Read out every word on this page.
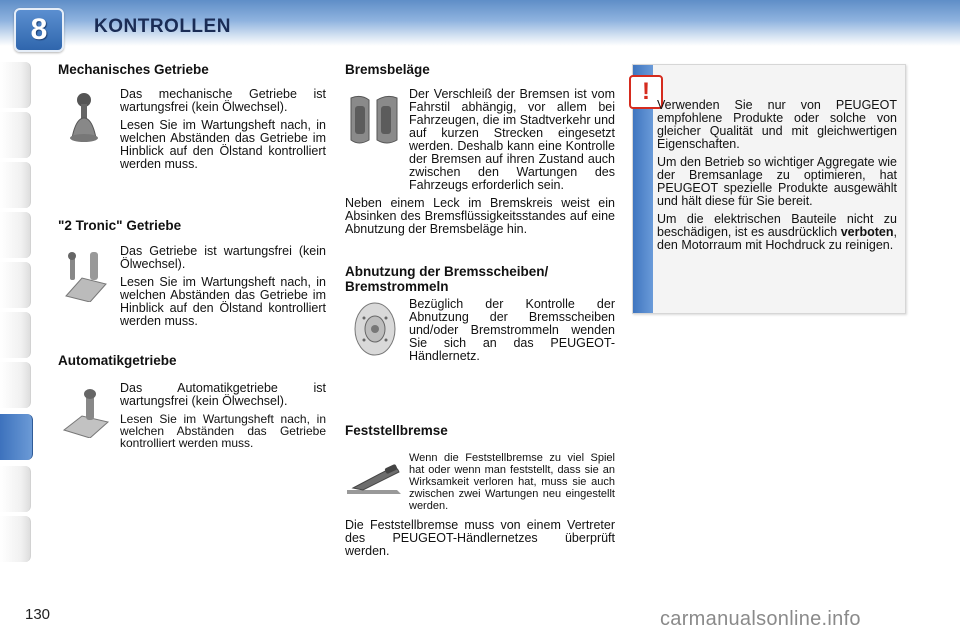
8 KONTROLLEN
Mechanisches Getriebe

Das mechanische Getriebe ist wartungsfrei (kein Ölwechsel).

Lesen Sie im Wartungsheft nach, in welchen Abständen das Getriebe im Hinblick auf den Ölstand kontrolliert werden muss.

"2 Tronic" Getriebe

Das Getriebe ist wartungsfrei (kein Ölwechsel).

Lesen Sie im Wartungsheft nach, in welchen Abständen das Getriebe im Hinblick auf den Ölstand kontrolliert werden muss.

Automatikgetriebe

Das Automatikgetriebe ist wartungsfrei (kein Ölwechsel).

Lesen Sie im Wartungsheft nach, in welchen Abständen das Getriebe kontrolliert werden muss.

Bremsbeläge

Der Verschleiß der Bremsen ist vom Fahrstil abhängig, vor allem bei Fahrzeugen, die im Stadtverkehr und auf kurzen Strecken eingesetzt werden. Deshalb kann eine Kontrolle der Bremsen auf ihren Zustand auch zwischen den Wartungen des Fahrzeugs erforderlich sein.

Neben einem Leck im Bremskreis weist ein Absinken des Bremsflüssigkeitsstandes auf eine Abnutzung der Bremsbeläge hin.

Abnutzung der Bremsscheiben/ Bremstrommeln

Bezüglich der Kontrolle der Abnutzung der Bremsscheiben und/oder Bremstrommeln wenden Sie sich an das PEUGEOT-Händlernetz.

Feststellbremse

Wenn die Feststellbremse zu viel Spiel hat oder wenn man feststellt, dass sie an Wirksamkeit verloren hat, muss sie auch zwischen zwei Wartungen neu eingestellt werden.

Die Feststellbremse muss von einem Vertreter des PEUGEOT-Händlernetzes überprüft werden.

! Verwenden Sie nur von PEUGEOT empfohlene Produkte oder solche von gleicher Qualität und mit gleichwertigen Eigenschaften.

Um den Betrieb so wichtiger Aggregate wie der Bremsanlage zu optimieren, hat PEUGEOT spezielle Produkte ausgewählt und hält diese für Sie bereit.

Um die elektrischen Bauteile nicht zu beschädigen, ist es ausdrücklich verboten, den Motorraum mit Hochdruck zu reinigen.

130	carmanualsonline.info
